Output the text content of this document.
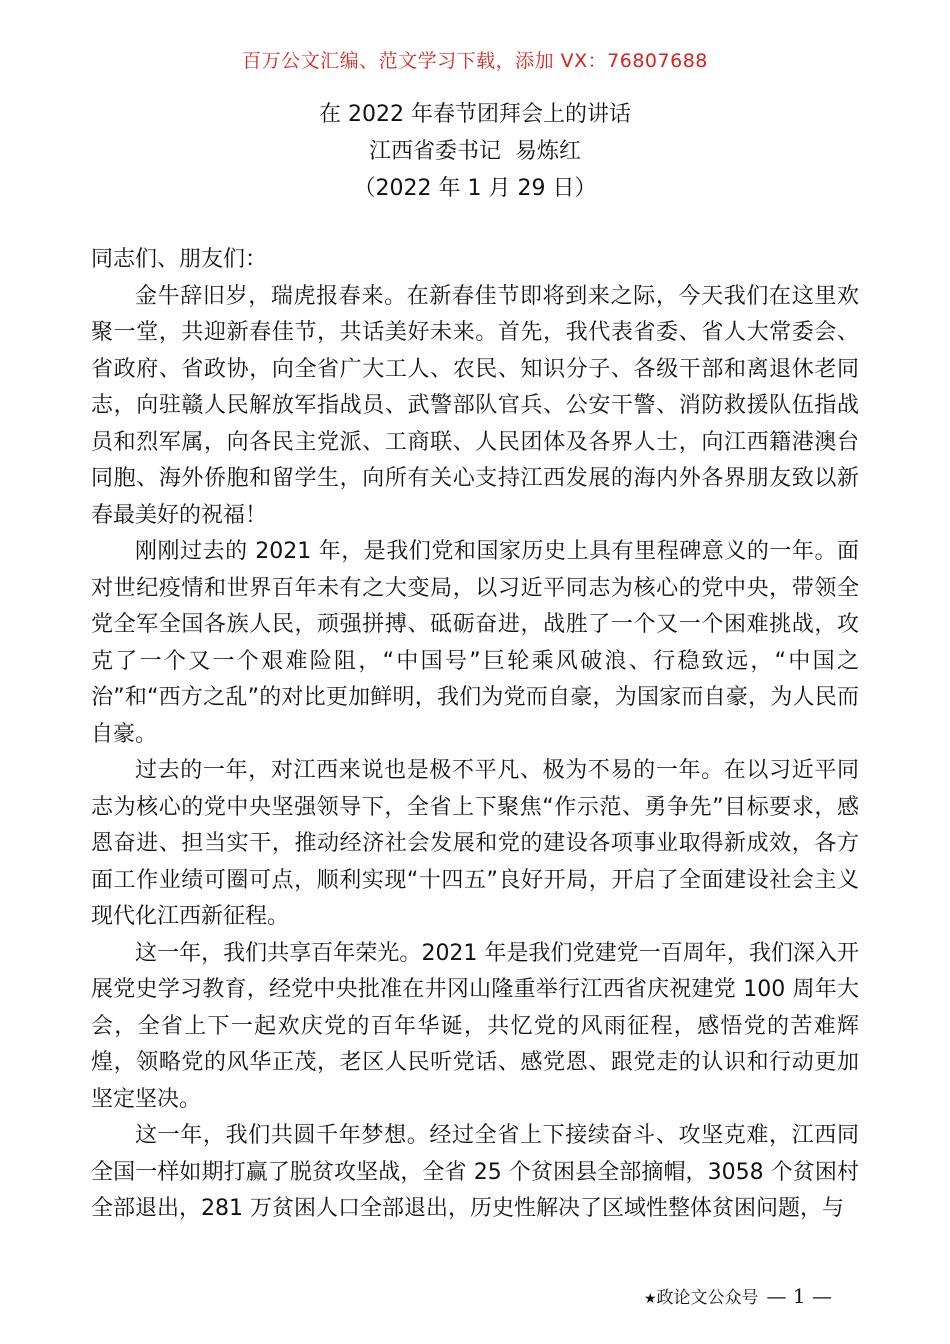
百万公文汇编、范文学习下载，添加 VX：76807688
在 2022 年春节团拜会上的讲话
江西省委书记  易炼红
（2022 年 1 月 29 日）

同志们、朋友们：

金牛辞旧岁，瑞虎报春来。在新春佳节即将到来之际，今天我们在这里欢聚一堂，共迎新春佳节，共话美好未来。首先，我代表省委、省人大常委会、省政府、省政协，向全省广大工人、农民、知识分子、各级干部和离退休老同志，向驻赣人民解放军指战员、武警部队官兵、公安干警、消防救援队伍指战员和烈军属，向各民主党派、工商联、人民团体及各界人士，向江西籍港澳台同胞、海外侨胞和留学生，向所有关心支持江西发展的海内外各界朋友致以新春最美好的祝福！

刚刚过去的 2021 年，是我们党和国家历史上具有里程碑意义的一年。面对世纪疫情和世界百年未有之大变局，以习近平同志为核心的党中央，带领全党全军全国各族人民，顽强拼搏、砥砺奋进，战胜了一个又一个困难挑战，攻克了一个又一个艰难险阻，“中国号”巨轮乘风破浪、行稳致远，“中国之治”和“西方之乱”的对比更加鲜明，我们为党而自豪，为国家而自豪，为人民而自豪。

过去的一年，对江西来说也是极不平凡、极为不易的一年。在以习近平同志为核心的党中央坚强领导下，全省上下聚焦“作示范、勇争先”目标要求，感恩奋进、担当实干，推动经济社会发展和党的建设各项事业取得新成效，各方面工作业绩可圈可点，顺利实现“十四五”良好开局，开启了全面建设社会主义现代化江西新征程。

这一年，我们共享百年荣光。2021 年是我们党建党一百周年，我们深入开展党史学习教育，经党中央批准在井冈山隆重举行江西省庆祝建党 100 周年大会，全省上下一起欢庆党的百年华诞，共忆党的风雨征程，感悟党的苦难辉煌，领略党的风华正茂，老区人民听党话、感党恩、跟党走的认识和行动更加坚定坚决。

这一年，我们共圆千年梦想。经过全省上下接续奋斗、攻坚克难，江西同全国一样如期打赢了脱贫攻坚战，全省 25 个贫困县全部摘帽，3058 个贫困村全部退出，281 万贫困人口全部退出，历史性解决了区域性整体贫困问题，与

★政论文公众号 — 1 —
